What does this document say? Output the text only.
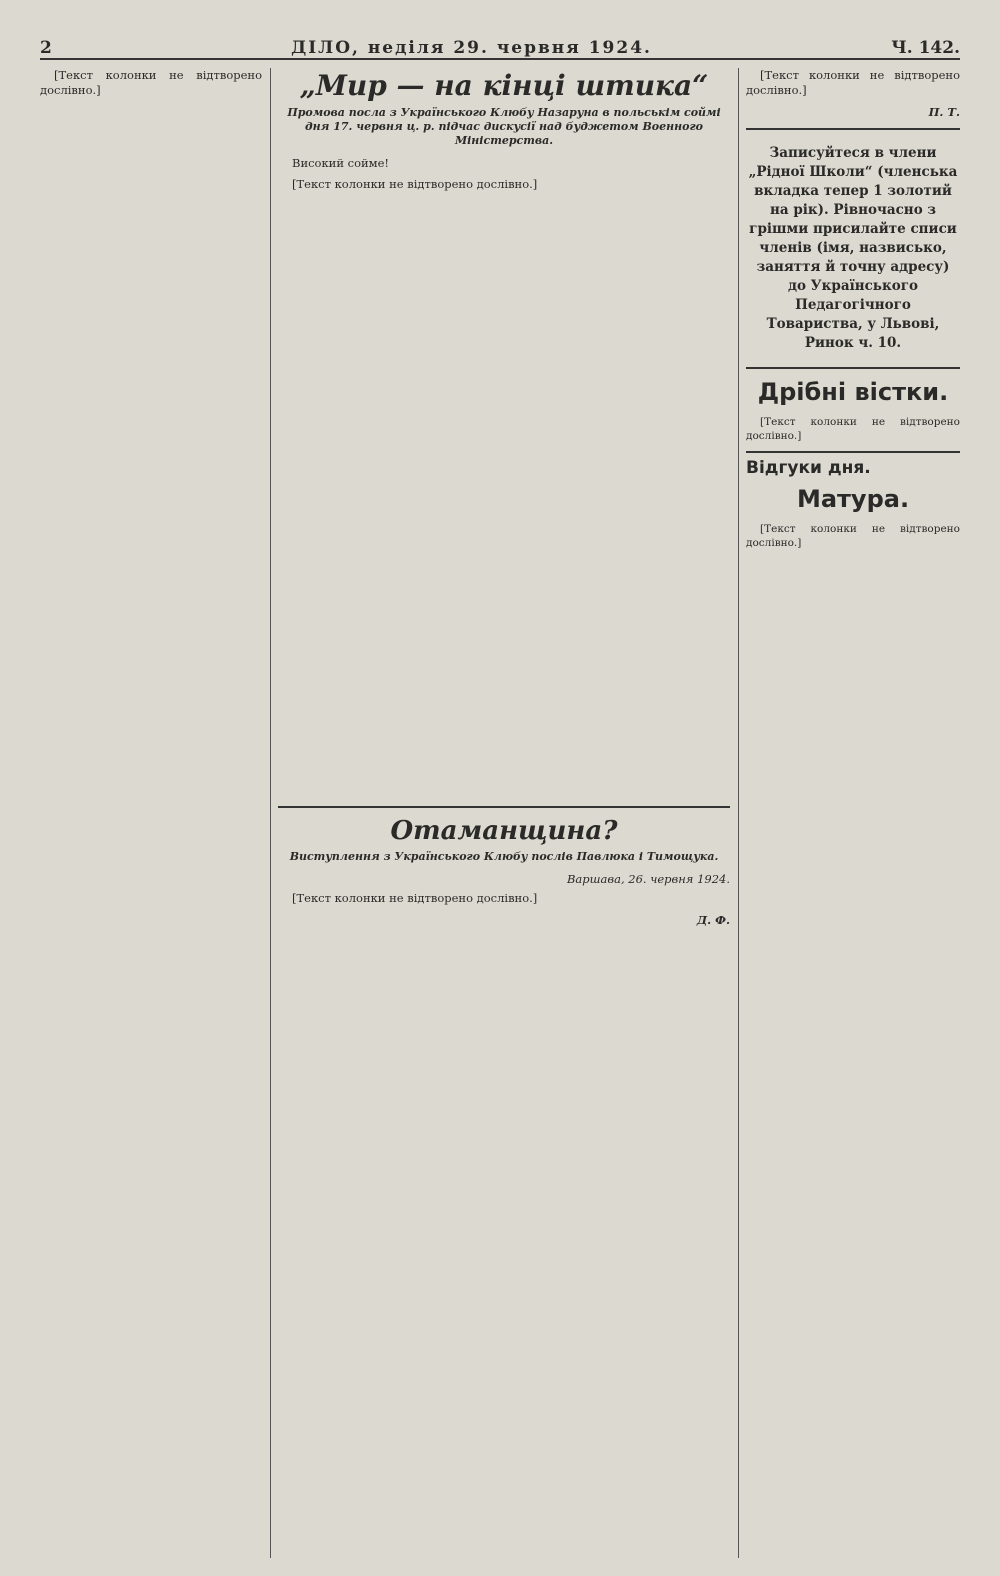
2	ДІЛО, неділя 29. червня 1924.	Ч. 142.

[Текст колонки не відтворено дослівно.]	„Мир — на кінці штика“
Промова посла з Українського Клюбу Назаруна в польськім соймі дня 17. червня ц. р. підчас дискусії над буджетом Военного Міністерства.

Високий сойме!

[Текст колонки не відтворено дослівно.]

Отаманщина?
Виступлення з Українського Клюбу послів Павлюка і Тимощука.
Варшава, 26. червня 1924.

[Текст колонки не відтворено дослівно.]

Д. Ф.

[Текст колонки не відтворено дослівно.]

П. Т.
Записуйтеся в члени „Рідної Школи“ (членська вкладка тепер 1 золотий на рік). Рівночасно з грішми присилайте списи членів (імя, назвисько, заняття й точну адресу) до Українського Педагогічного Товариства, у Львові, Ринок ч. 10.
Дрібні вістки.

[Текст колонки не відтворено дослівно.]

Відгуки дня.
Матура.

[Текст колонки не відтворено дослівно.]
